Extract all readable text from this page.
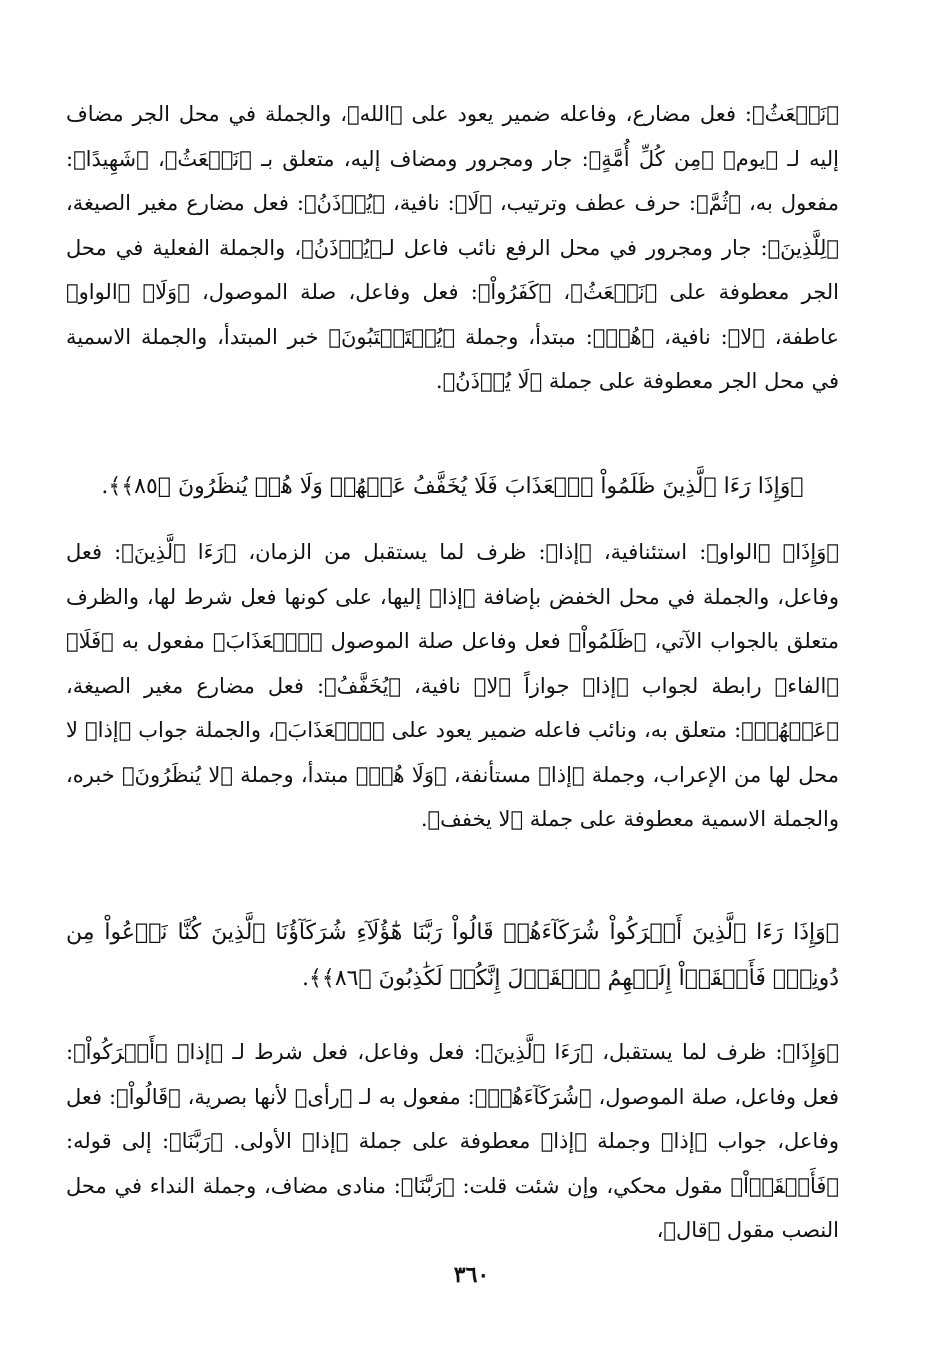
﴿نَبۡعَثُ﴾: فعل مضارع، وفاعله ضمير يعود على ﴿الله﴾، والجملة في محل الجر مضاف إليه لـ ﴿يوم﴾ ﴿مِن كُلِّ أُمَّةٍ﴾: جار ومجرور ومضاف إليه، متعلق بـ ﴿نَبۡعَثُ﴾، ﴿شَهِيدًا﴾: مفعول به، ﴿ثُمَّ﴾: حرف عطف وترتيب، ﴿لَا﴾: نافية، ﴿يُؤۡذَنُ﴾: فعل مضارع مغير الصيغة، ﴿لِلَّذِينَ﴾: جار ومجرور في محل الرفع نائب فاعل لـ﴿يُؤۡذَنُ﴾، والجملة الفعلية في محل الجر معطوفة على ﴿نَبۡعَثُ﴾، ﴿كَفَرُواْ﴾: فعل وفاعل، صلة الموصول، ﴿وَلَا﴾ ﴿الواو﴾ عاطفة، ﴿لا﴾: نافية، ﴿هُمۡ﴾: مبتدأ، وجملة ﴿يُسۡتَعۡتَبُونَ﴾ خبر المبتدأ، والجملة الاسمية في محل الجر معطوفة على جملة ﴿لَا يُؤۡذَنُ﴾.

﴿وَإِذَا رَءَا ٱلَّذِينَ ظَلَمُواْ ٱلۡعَذَابَ فَلَا يُخَفَّفُ عَنۡهُمۡ وَلَا هُمۡ يُنظَرُونَ ﴿٨٥﴾﴾.

﴿وَإِذَا﴾ ﴿الواو﴾: استئنافية، ﴿إذا﴾: ظرف لما يستقبل من الزمان، ﴿رَءَا ٱلَّذِينَ﴾: فعل وفاعل، والجملة في محل الخفض بإضافة ﴿إذا﴾ إليها، على كونها فعل شرط لها، والظرف متعلق بالجواب الآتي، ﴿ظَلَمُواْ﴾ فعل وفاعل صلة الموصول ﴿ٱلۡعَذَابَ﴾ مفعول به ﴿فَلَا﴾ ﴿الفاء﴾ رابطة لجواب ﴿إذا﴾ جوازاً ﴿لا﴾ نافية، ﴿يُخَفَّفُ﴾: فعل مضارع مغير الصيغة، ﴿عَنۡهُمۡ﴾: متعلق به، ونائب فاعله ضمير يعود على ﴿ٱلۡعَذَابَ﴾، والجملة جواب ﴿إذا﴾ لا محل لها من الإعراب، وجملة ﴿إذا﴾ مستأنفة، ﴿وَلَا هُمۡ﴾ مبتدأ، وجملة ﴿لا يُنظَرُونَ﴾ خبره، والجملة الاسمية معطوفة على جملة ﴿لا يخفف﴾.

﴿وَإِذَا رَءَا ٱلَّذِينَ أَشۡرَكُواْ شُرَكَآءَهُمۡ قَالُواْ رَبَّنَا هَٰٓؤُلَآءِ شُرَكَآؤُنَا ٱلَّذِينَ كُنَّا نَدۡعُواْ مِن دُونِكَۖ فَأَلۡقَوۡاْ إِلَيۡهِمُ ٱلۡقَوۡلَ إِنَّكُمۡ لَكَٰذِبُونَ ﴿٨٦﴾﴾.

﴿وَإِذَا﴾: ظرف لما يستقبل، ﴿رَءَا ٱلَّذِينَ﴾: فعل وفاعل، فعل شرط لـ ﴿إذا﴾ ﴿أَشۡرَكُواْ﴾: فعل وفاعل، صلة الموصول، ﴿شُرَكَآءَهُمۡ﴾: مفعول به لـ ﴿رأى﴾ لأنها بصرية، ﴿قَالُواْ﴾: فعل وفاعل، جواب ﴿إذا﴾ وجملة ﴿إذا﴾ معطوفة على جملة ﴿إذا﴾ الأولى. ﴿رَبَّنَا﴾: إلى قوله: ﴿فَأَلۡقَوۡاْ﴾ مقول محكي، وإن شئت قلت: ﴿رَبَّنَا﴾: منادى مضاف، وجملة النداء في محل النصب مقول ﴿قال﴾،

٣٦٠
